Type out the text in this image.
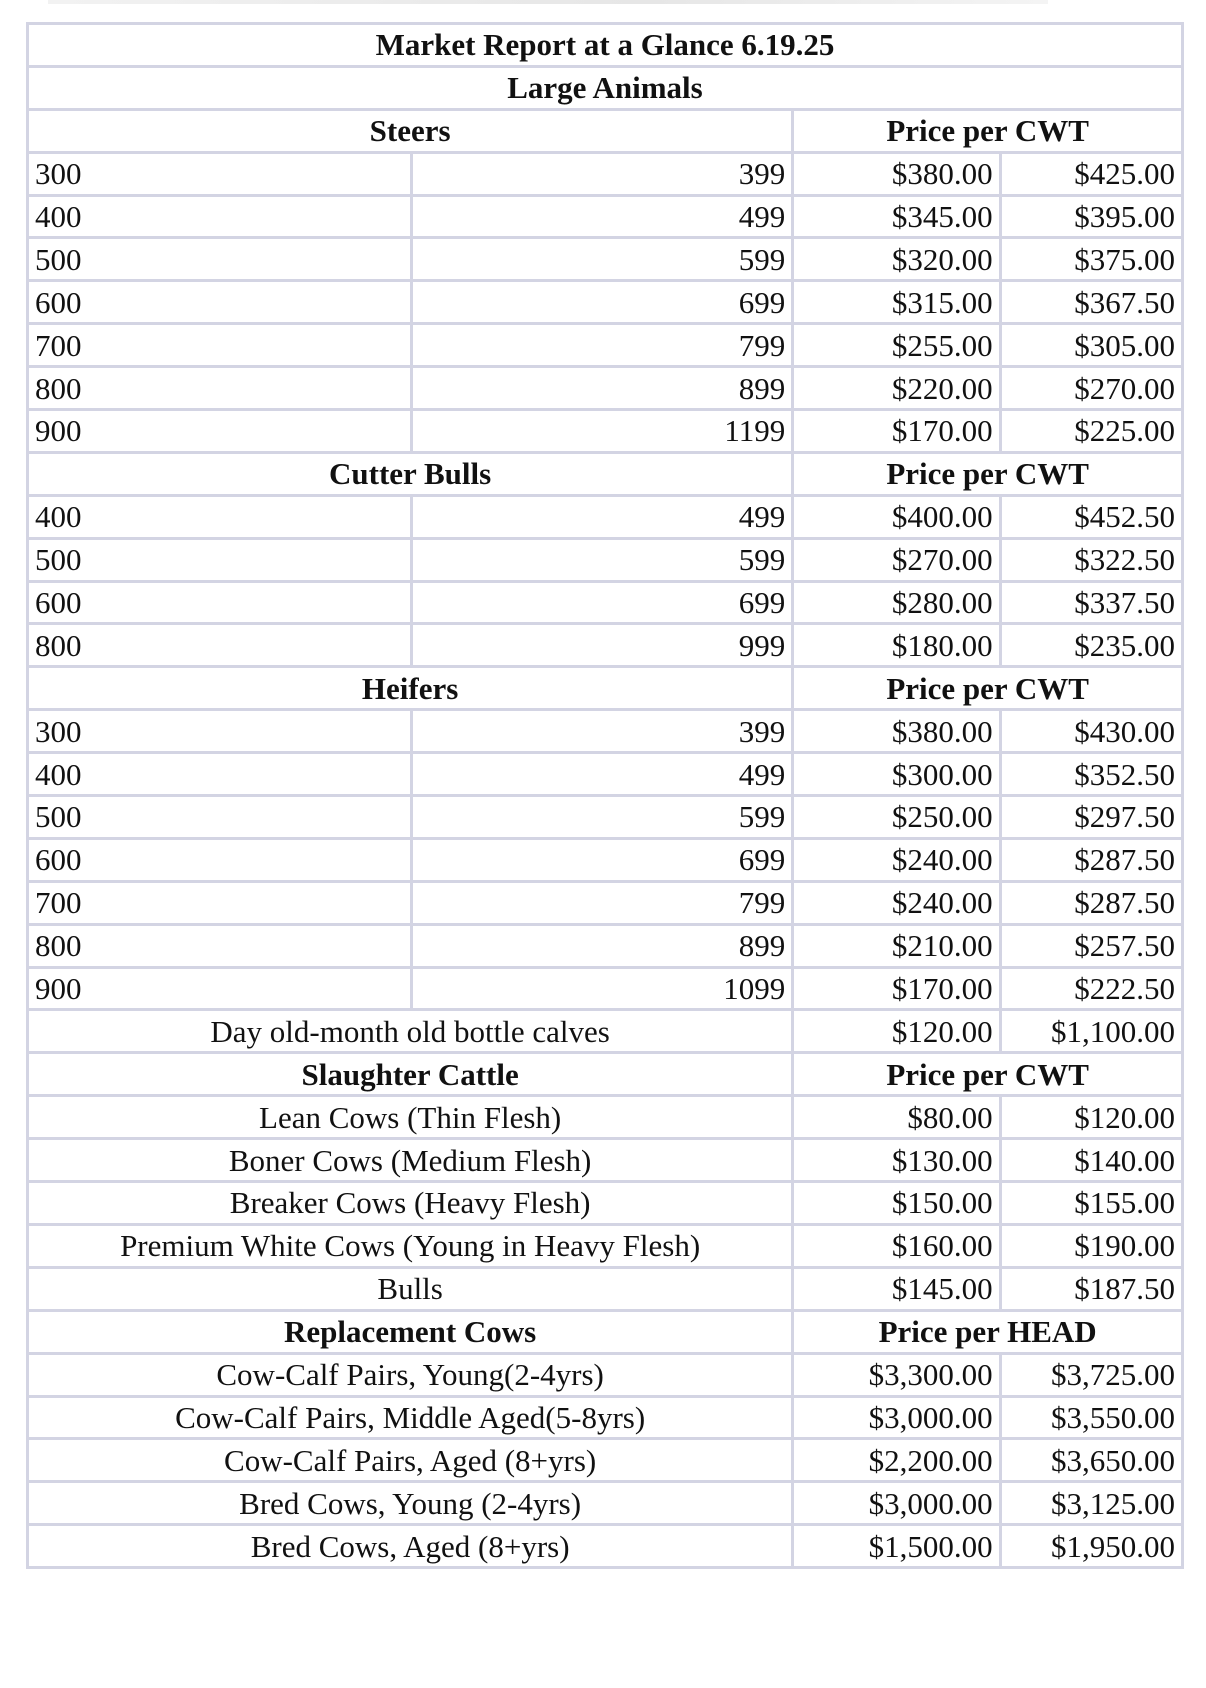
Market Report at a Glance 6.19.25			
Large Animals			
Steers		Price per CWT	
300	399	$380.00	$425.00
400	499	$345.00	$395.00
500	599	$320.00	$375.00
600	699	$315.00	$367.50
700	799	$255.00	$305.00
800	899	$220.00	$270.00
900	1199	$170.00	$225.00
Cutter Bulls		Price per CWT	
400	499	$400.00	$452.50
500	599	$270.00	$322.50
600	699	$280.00	$337.50
800	999	$180.00	$235.00
Heifers		Price per CWT	
300	399	$380.00	$430.00
400	499	$300.00	$352.50
500	599	$250.00	$297.50
600	699	$240.00	$287.50
700	799	$240.00	$287.50
800	899	$210.00	$257.50
900	1099	$170.00	$222.50
Day old-month old bottle calves		$120.00	$1,100.00
Slaughter Cattle		Price per CWT	
Lean Cows (Thin Flesh)		$80.00	$120.00
Boner Cows (Medium Flesh)		$130.00	$140.00
Breaker Cows (Heavy Flesh)		$150.00	$155.00
Premium White Cows (Young in Heavy Flesh)		$160.00	$190.00
Bulls		$145.00	$187.50
Replacement Cows		Price per HEAD	
Cow-Calf Pairs, Young(2-4yrs)		$3,300.00	$3,725.00
Cow-Calf Pairs, Middle Aged(5-8yrs)		$3,000.00	$3,550.00
Cow-Calf Pairs, Aged (8+yrs)		$2,200.00	$3,650.00
Bred Cows, Young (2-4yrs)		$3,000.00	$3,125.00
Bred Cows, Aged (8+yrs)		$1,500.00	$1,950.00
